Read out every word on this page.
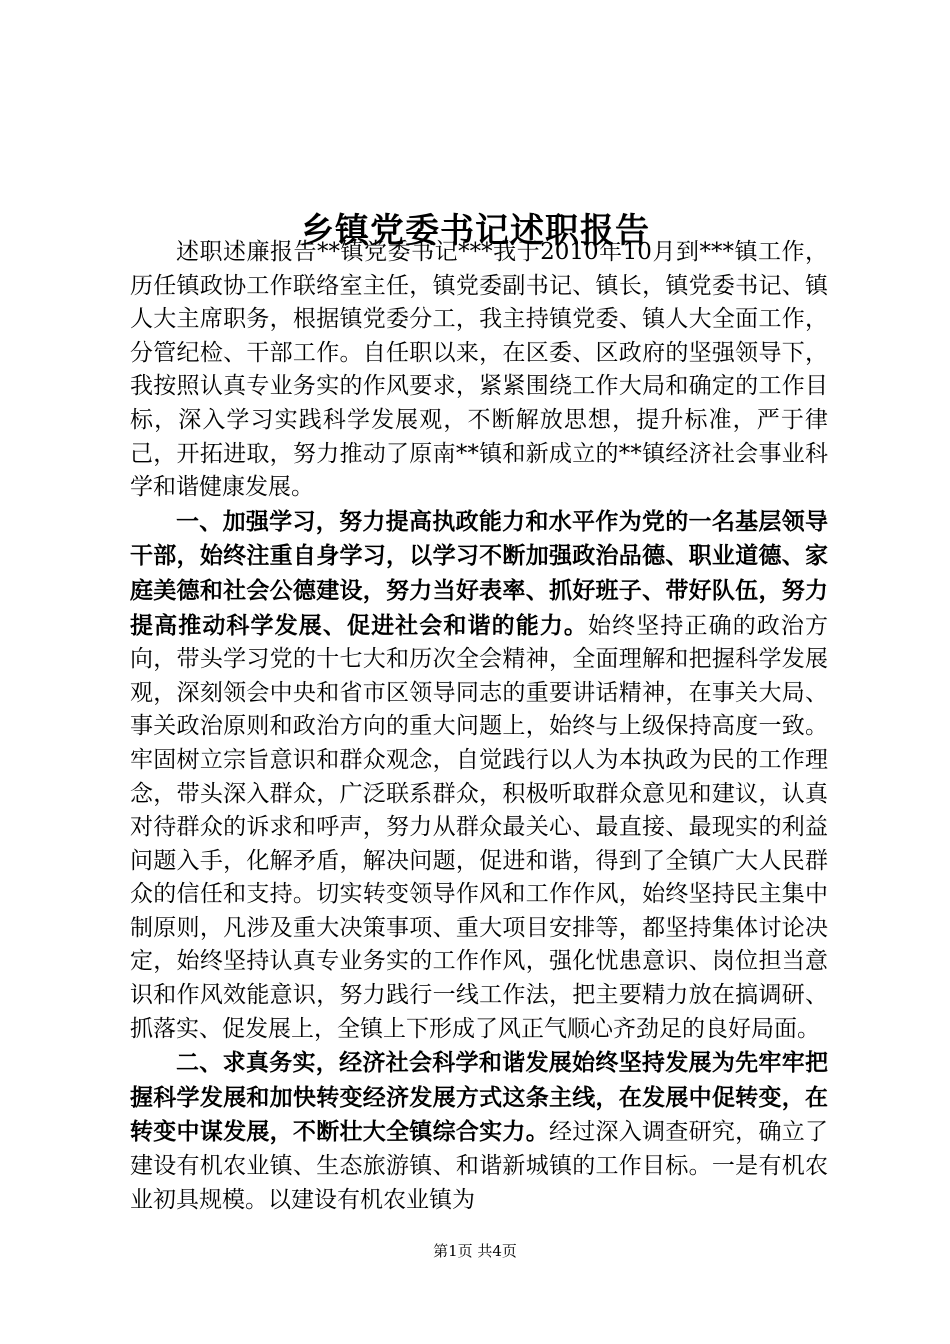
乡镇党委书记述职报告

述职述廉报告**镇党委书记***我于2010年10月到***镇工作，历任镇政协工作联络室主任，镇党委副书记、镇长，镇党委书记、镇人大主席职务，根据镇党委分工，我主持镇党委、镇人大全面工作，分管纪检、干部工作。自任职以来，在区委、区政府的坚强领导下，我按照认真专业务实的作风要求，紧紧围绕工作大局和确定的工作目标，深入学习实践科学发展观，不断解放思想，提升标准，严于律己，开拓进取，努力推动了原南**镇和新成立的**镇经济社会事业科学和谐健康发展。

一、加强学习，努力提高执政能力和水平作为党的一名基层领导干部，始终注重自身学习，以学习不断加强政治品德、职业道德、家庭美德和社会公德建设，努力当好表率、抓好班子、带好队伍，努力提高推动科学发展、促进社会和谐的能力。始终坚持正确的政治方向，带头学习党的十七大和历次全会精神，全面理解和把握科学发展观，深刻领会中央和省市区领导同志的重要讲话精神，在事关大局、事关政治原则和政治方向的重大问题上，始终与上级保持高度一致。牢固树立宗旨意识和群众观念，自觉践行以人为本执政为民的工作理念，带头深入群众，广泛联系群众，积极听取群众意见和建议，认真对待群众的诉求和呼声，努力从群众最关心、最直接、最现实的利益问题入手，化解矛盾，解决问题，促进和谐，得到了全镇广大人民群众的信任和支持。切实转变领导作风和工作作风，始终坚持民主集中制原则，凡涉及重大决策事项、重大项目安排等，都坚持集体讨论决定，始终坚持认真专业务实的工作作风，强化忧患意识、岗位担当意识和作风效能意识，努力践行一线工作法，把主要精力放在搞调研、抓落实、促发展上，全镇上下形成了风正气顺心齐劲足的良好局面。

二、求真务实，经济社会科学和谐发展始终坚持发展为先牢牢把握科学发展和加快转变经济发展方式这条主线，在发展中促转变，在转变中谋发展，不断壮大全镇综合实力。经过深入调查研究，确立了建设有机农业镇、生态旅游镇、和谐新城镇的工作目标。一是有机农业初具规模。以建设有机农业镇为

第1页 共4页
